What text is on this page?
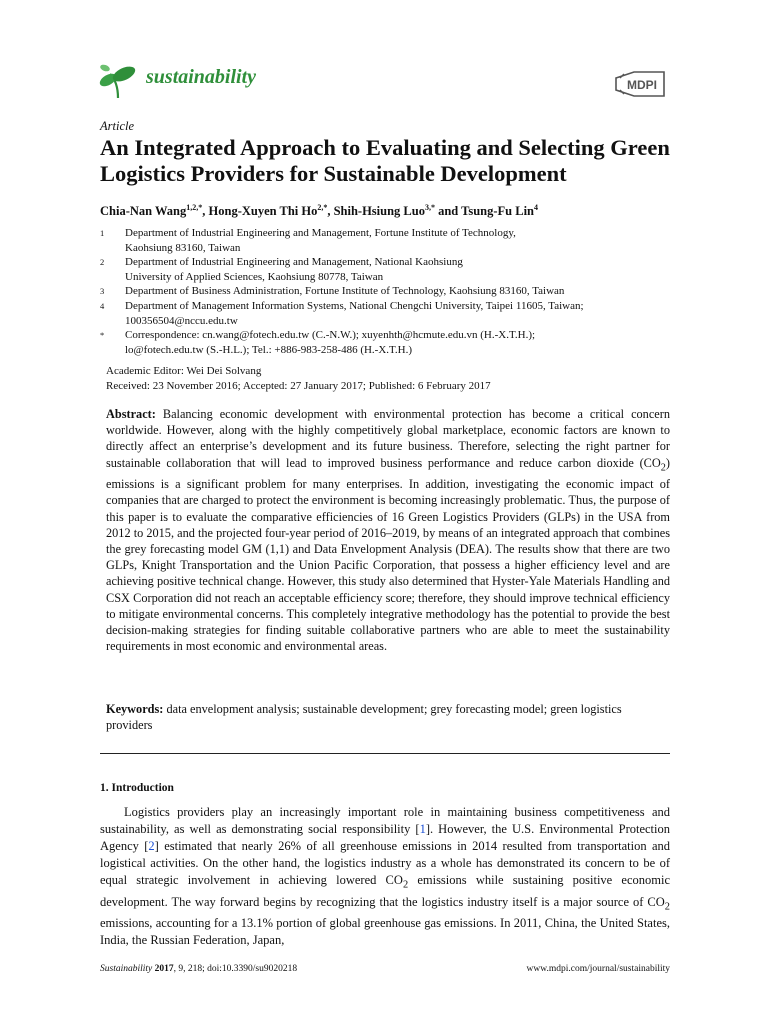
sustainability	MDPI
Article
An Integrated Approach to Evaluating and Selecting Green Logistics Providers for Sustainable Development
Chia-Nan Wang$^{1,2,*}$, Hong-Xuyen Thi $Ho^{2,*}$, Shih-Hsiung Luo$^{3,*}$ and Tsung-Fu Lin$^4$
1	Department of Industrial Engineering and Management, Fortune Institute of Technology,
Kaohsiung 83160, Taiwan
2	Department of Industrial Engineering and Management, National Kaohsiung
University of Applied Sciences, Kaohsiung 80778, Taiwan
3	Department of Business Administration, Fortune Institute of Technology, Kaohsiung 83160, Taiwan
4	Department of Management Information Systems, National Chengchi University, Taipei 11605, Taiwan;
100356504@nccu.edu.tw
*	Correspondence: cn.wang@fotech.edu.tw (C.-N.W.); xuyenhth@hcmute.edu.vn (H.-X.T.H.);
lo@fotech.edu.tw (S.-H.L.); Tel.: +886-983-258-486 (H.-X.T.H.)
Academic Editor: Wei Dei Solvang
Received: 23 November 2016; Accepted: 27 January 2017; Published: 6 February 2017
Abstract: Balancing economic development with environmental protection has become a critical concern worldwide. However, along with the highly competitively global marketplace, economic factors are known to directly affect an enterprise’s development and its future business. Therefore, selecting the right partner for sustainable collaboration that will lead to improved business performance and reduce carbon dioxide $(CO_2)$ emissions is a significant problem for many enterprises. In addition, investigating the economic impact of companies that are charged to protect the environment is becoming increasingly problematic. Thus, the purpose of this paper is to evaluate the comparative efficiencies of 16 Green Logistics Providers (GLPs) in the USA from 2012 to 2015, and the projected four-year period of 2016–2019, by means of an integrated approach that combines the grey forecasting model GM (1,1) and Data Envelopment Analysis (DEA). The results show that there are two GLPs, Knight Transportation and the Union Pacific Corporation, that possess a higher efficiency level and are achieving positive technical change. However, this study also determined that Hyster-Yale Materials Handling and CSX Corporation did not reach an acceptable efficiency score; therefore, they should improve technical efficiency to mitigate environmental concerns. This completely integrative methodology has the potential to provide the best decision-making strategies for finding suitable collaborative partners who are able to meet the sustainability requirements in most economic and environmental areas.
Keywords: data envelopment analysis; sustainable development; grey forecasting model; green logistics providers
1. Introduction
Logistics providers play an increasingly important role in maintaining business competitiveness and sustainability, as well as demonstrating social responsibility [1]. However, the U.S. Environmental Protection Agency [2] estimated that nearly 26% of all greenhouse emissions in 2014 resulted from transportation and logistical activities. On the other hand, the logistics industry as a whole has demonstrated its concern to be of equal strategic involvement in achieving lowered $CO_2$ emissions while sustaining positive economic development. The way forward begins by recognizing that the logistics industry itself is a major source of $CO_2$ emissions, accounting for a 13.1% portion of global greenhouse gas emissions. In 2011, China, the United States, India, the Russian Federation, Japan,
Sustainability 2017, 9, 218; doi:10.3390/su9020218	www.mdpi.com/journal/sustainability
